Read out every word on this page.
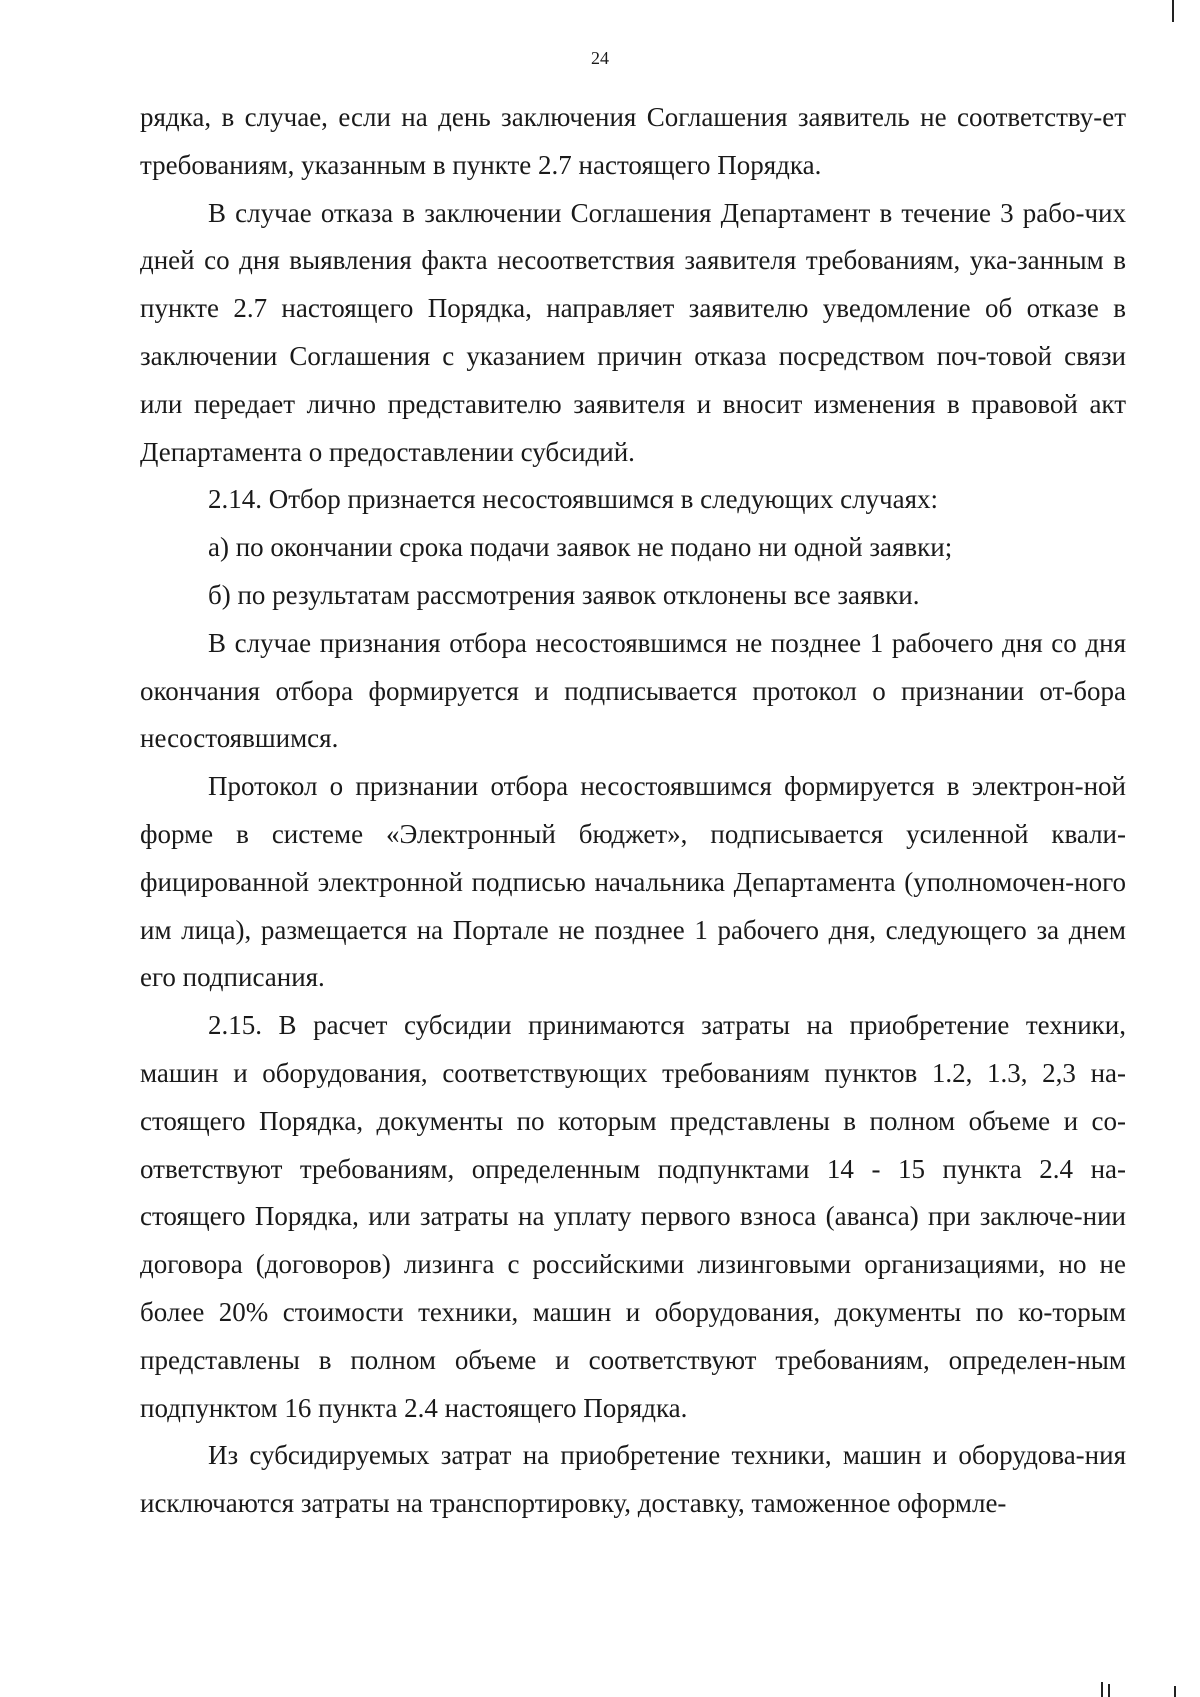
24

рядка, в случае, если на день заключения Соглашения заявитель не соответству-ет требованиям, указанным в пункте 2.7 настоящего Порядка.

В случае отказа в заключении Соглашения Департамент в течение 3 рабо-чих дней со дня выявления факта несоответствия заявителя требованиям, ука-занным в пункте 2.7 настоящего Порядка, направляет заявителю уведомление об отказе в заключении Соглашения с указанием причин отказа посредством поч-товой связи или передает лично представителю заявителя и вносит изменения в правовой акт Департамента о предоставлении субсидий.

2.14. Отбор признается несостоявшимся в следующих случаях:

а) по окончании срока подачи заявок не подано ни одной заявки;

б) по результатам рассмотрения заявок отклонены все заявки.

В случае признания отбора несостоявшимся не позднее 1 рабочего дня со дня окончания отбора формируется и подписывается протокол о признании от-бора несостоявшимся.

Протокол о признании отбора несостоявшимся формируется в электрон-ной форме в системе «Электронный бюджет», подписывается усиленной квали-фицированной электронной подписью начальника Департамента (уполномочен-ного им лица), размещается на Портале не позднее 1 рабочего дня, следующего за днем его подписания.

2.15. В расчет субсидии принимаются затраты на приобретение техники, машин и оборудования, соответствующих требованиям пунктов 1.2, 1.3, 2,3 на-стоящего Порядка, документы по которым представлены в полном объеме и со-ответствуют требованиям, определенным подпунктами 14 - 15 пункта 2.4 на-стоящего Порядка, или затраты на уплату первого взноса (аванса) при заключе-нии договора (договоров) лизинга с российскими лизинговыми организациями, но не более 20% стоимости техники, машин и оборудования, документы по ко-торым представлены в полном объеме и соответствуют требованиям, определен-ным подпунктом 16 пункта 2.4 настоящего Порядка.

Из субсидируемых затрат на приобретение техники, машин и оборудова-ния исключаются затраты на транспортировку, доставку, таможенное оформле-
